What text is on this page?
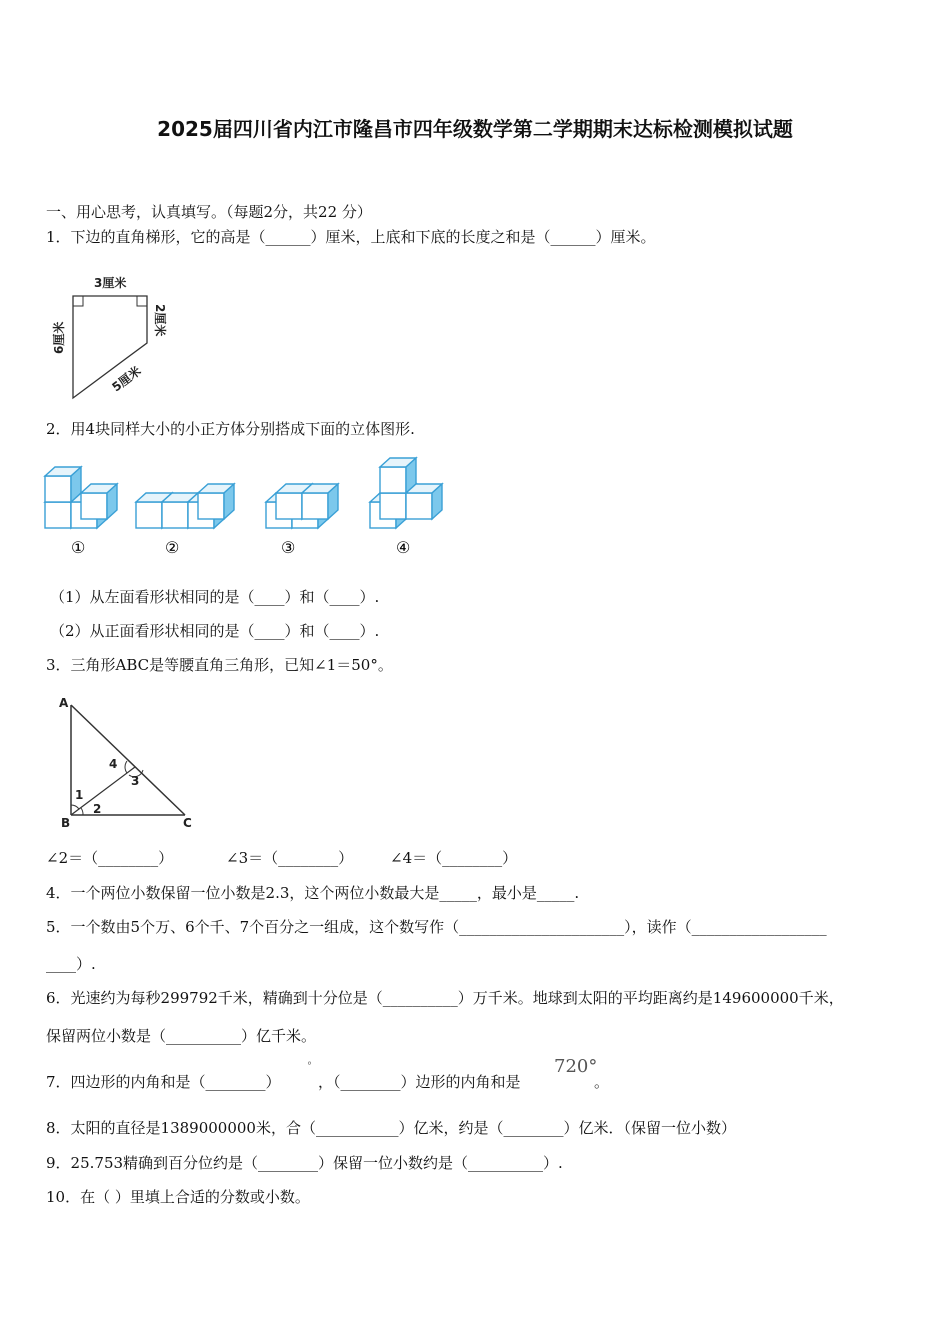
2025届四川省内江市隆昌市四年级数学第二学期期末达标检测模拟试题
一、用心思考，认真填写。（每题2分，共22 分）
1．下边的直角梯形，它的高是（______）厘米，上底和下底的长度之和是（______）厘米。
3厘米
6厘米
2厘米
5厘米
2．用4块同样大小的小正方体分别搭成下面的立体图形.
①	②	③	④
（1）从左面看形状相同的是（____）和（____）.
（2）从正面看形状相同的是（____）和（____）.
3．三角形ABC是等腰直角三角形，已知∠1＝50°。
A
B	C
1
2
3
4
∠2＝（________）	∠3＝（________） ∠4＝（________）
4．一个两位小数保留一位小数是2.3，这个两位小数最大是_____，最小是_____.
5．一个数由5个万、6个千、7个百分之一组成，这个数写作（______________________），读作（__________________
____）.
6．光速约为每秒299792千米，精确到十分位是（__________）万千米。地球到太阳的平均距离约是149600000千米，
保留两位小数是（__________）亿千米。
7．四边形的内角和是（________）
°
，（________）边形的内角和是
720°
。
8．太阳的直径是1389000000米，合（___________）亿米，约是（________）亿米．（保留一位小数）
9．25.753精确到百分位约是（________）保留一位小数约是（__________）.
10．在（ ）里填上合适的分数或小数。
